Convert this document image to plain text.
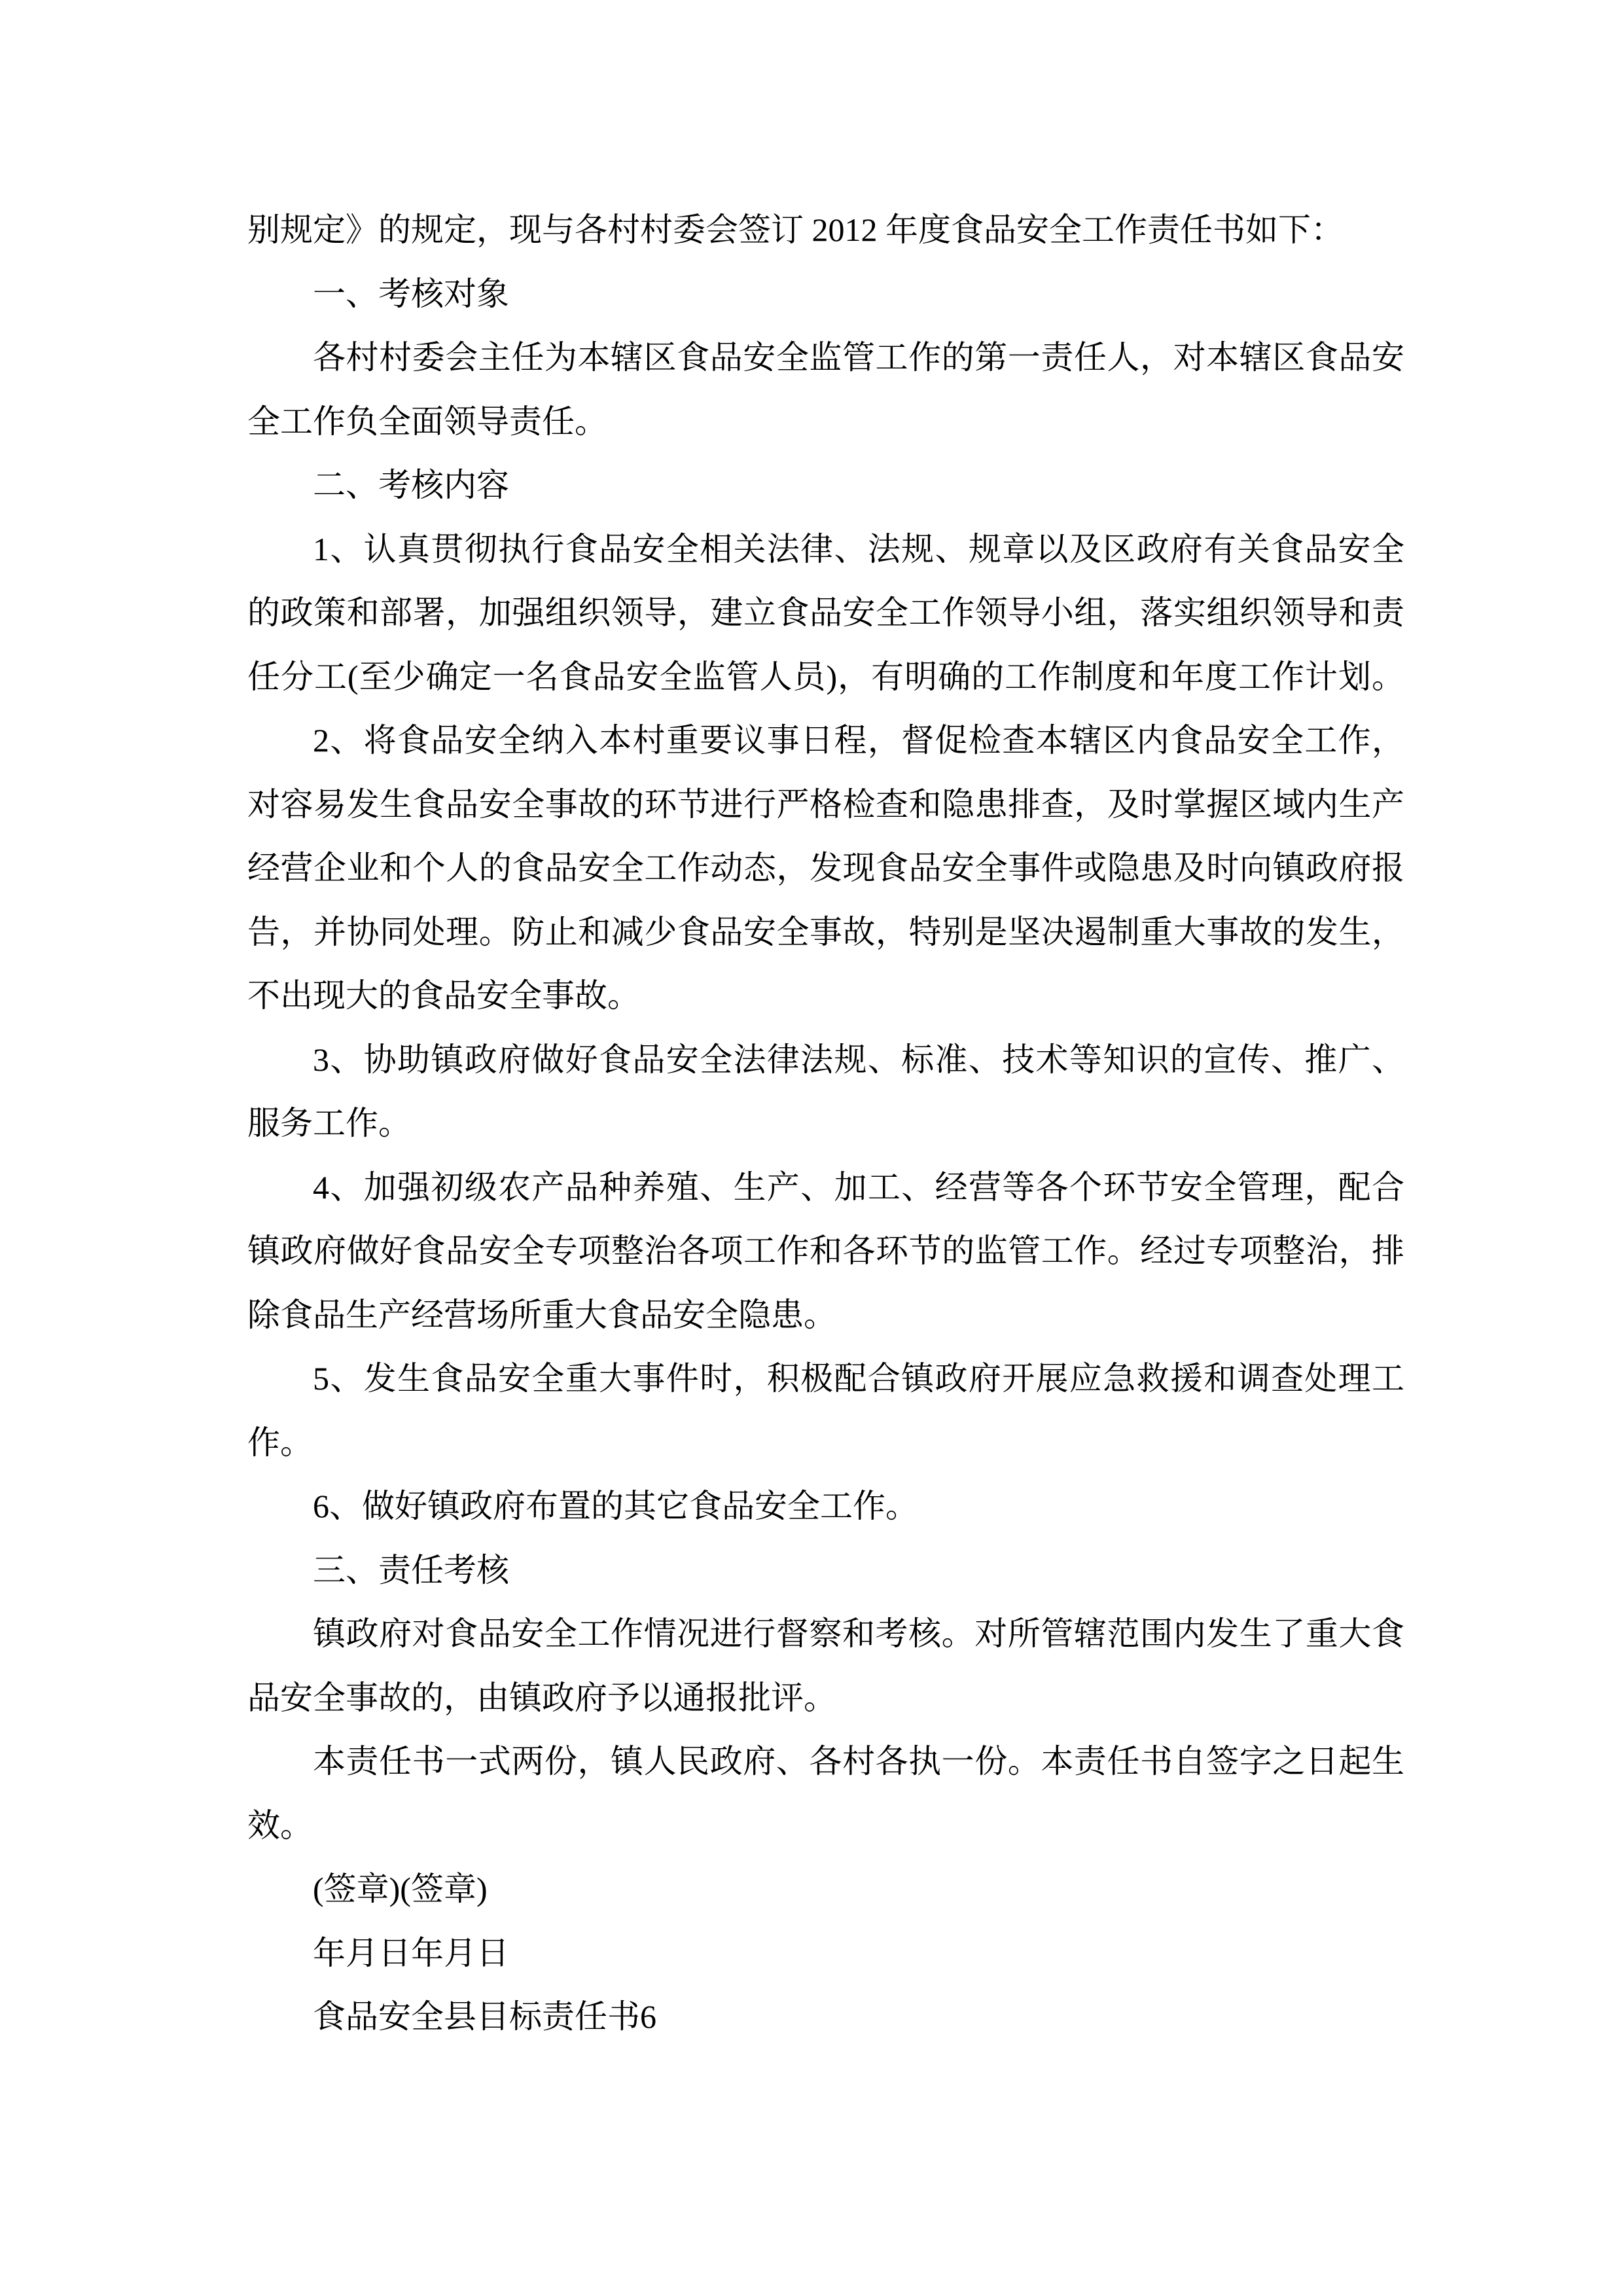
别规定》的规定，现与各村村委会签订 2012 年度食品安全工作责任书如下：
一、考核对象
各村村委会主任为本辖区食品安全监管工作的第一责任人，对本辖区食品安
全工作负全面领导责任。
二、考核内容
1、认真贯彻执行食品安全相关法律、法规、规章以及区政府有关食品安全
的政策和部署，加强组织领导，建立食品安全工作领导小组，落实组织领导和责
任分工(至少确定一名食品安全监管人员)，有明确的工作制度和年度工作计划。
2、将食品安全纳入本村重要议事日程，督促检查本辖区内食品安全工作，
对容易发生食品安全事故的环节进行严格检查和隐患排查，及时掌握区域内生产
经营企业和个人的食品安全工作动态，发现食品安全事件或隐患及时向镇政府报
告，并协同处理。防止和减少食品安全事故，特别是坚决遏制重大事故的发生，
不出现大的食品安全事故。
3、协助镇政府做好食品安全法律法规、标准、技术等知识的宣传、推广、
服务工作。
4、加强初级农产品种养殖、生产、加工、经营等各个环节安全管理，配合
镇政府做好食品安全专项整治各项工作和各环节的监管工作。经过专项整治，排
除食品生产经营场所重大食品安全隐患。
5、发生食品安全重大事件时，积极配合镇政府开展应急救援和调查处理工
作。
6、做好镇政府布置的其它食品安全工作。
三、责任考核
镇政府对食品安全工作情况进行督察和考核。对所管辖范围内发生了重大食
品安全事故的，由镇政府予以通报批评。
本责任书一式两份，镇人民政府、各村各执一份。本责任书自签字之日起生
效。
(签章)(签章)
年月日年月日
食品安全县目标责任书6
